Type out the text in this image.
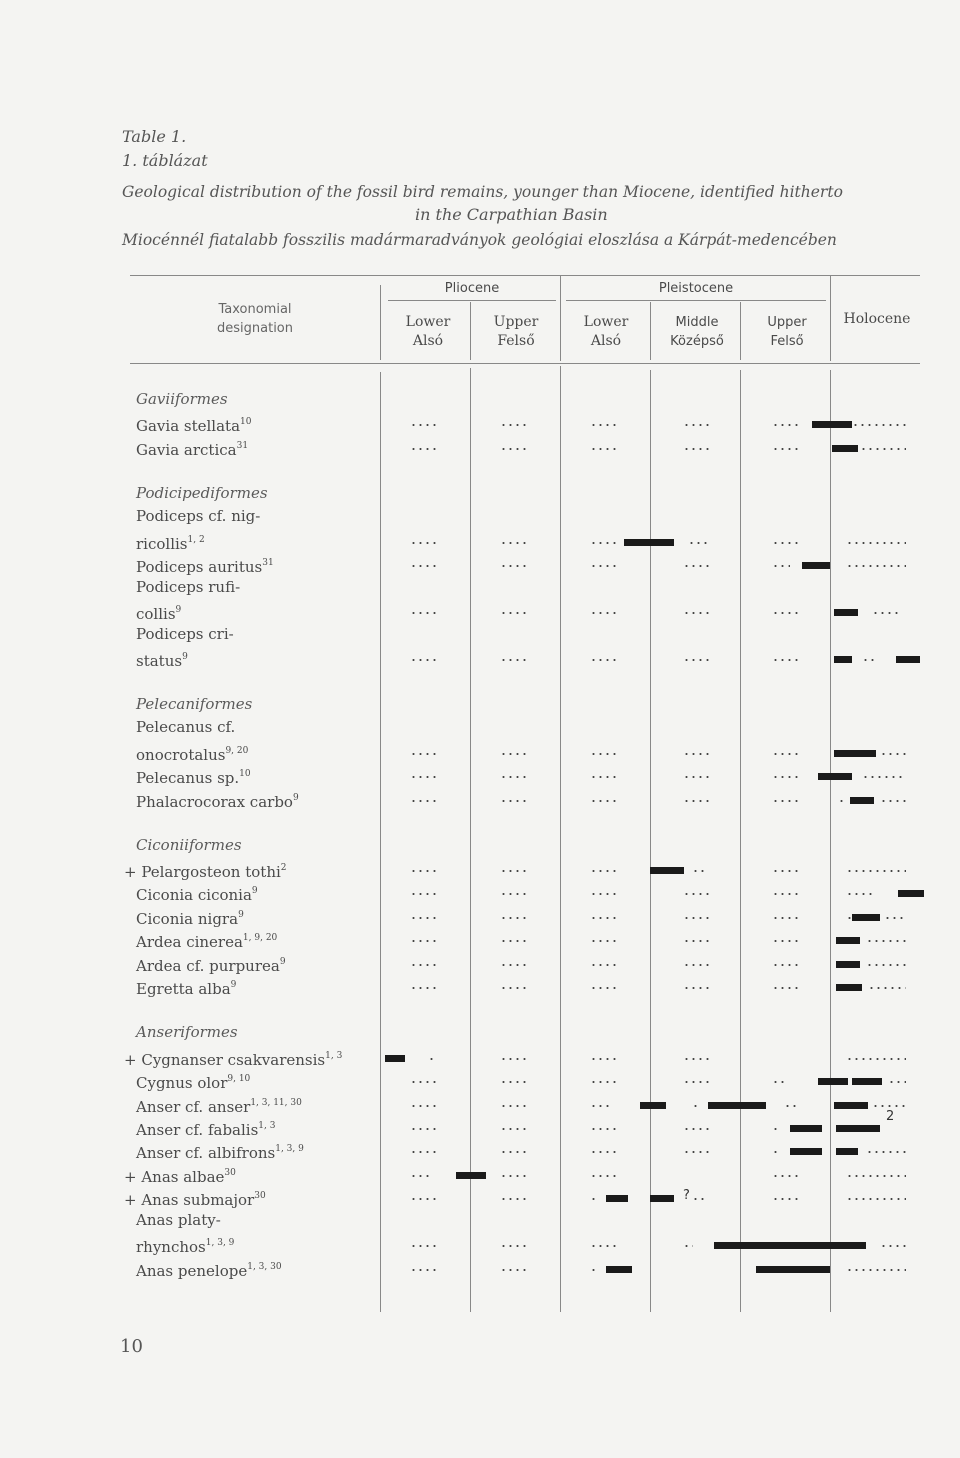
Table 1.
1. táblázat
Geological distribution of the fossil bird remains, younger than Miocene, identified hitherto
in the Carpathian Basin
Miocénnél fiatalabb fosszilis madármaradványok geológiai eloszlása a Kárpát-medencében
Taxonomial designation
Pliocene	Pleistocene
Holocene
Lower
Alsó
Upper
Felső
Lower
Alsó
Middle
Középső
Upper
Felső
Gaviiformes
Gavia stellata$^{10}$
Gavia arctica$^{31}$
Podicipediformes
Podiceps cf. nig-
ricollis$^{1, 2}$
Podiceps auritus$^{31}$
Podiceps rufi-
collis$^9$
Podiceps cri-
status$^9$
Pelecaniformes
Pelecanus cf.
onocrotalus$^{9, 20}$
Pelecanus sp.$^{10}$
Phalacrocorax carbo$^9$
Ciconiiformes
+ Pelargosteon tothi$^2$
Ciconia ciconia$^9$
Ciconia nigra$^9$
Ardea cinerea$^{1, 9, 20}$
Ardea cf. purpurea$^9$
Egretta alba$^9$
Anseriformes
+ Cygnanser csakvarensis$^{1, 3}$
Cygnus olor$^{9, 10}$
Anser cf. anser$^{1, 3, 11, 30}$
Anser cf. fabalis$^{1, 3}$
2
Anser cf. albifrons$^{1, 3, 9}$
+ Anas albae$^{30}$
+ Anas submajor$^{30}$	?
Anas platy-
rhynchos$^{1, 3, 9}$
Anas penelope$^{1, 3, 30}$
10
